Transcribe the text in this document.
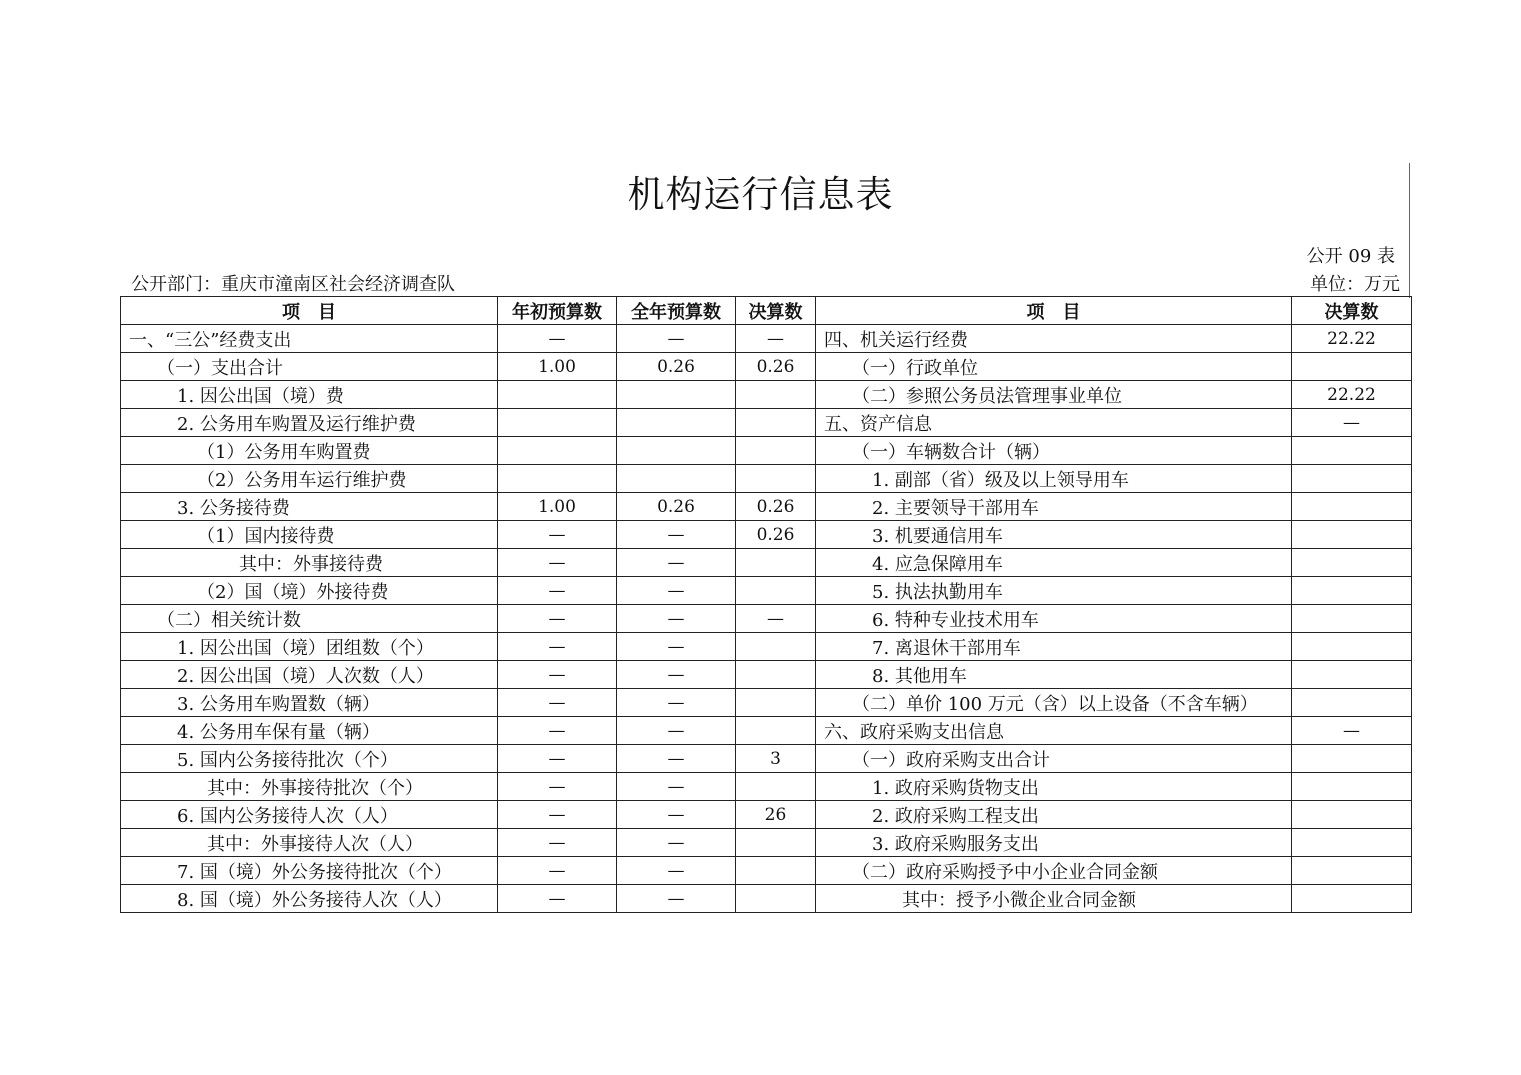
机构运行信息表
公开 09 表
公开部门：重庆市潼南区社会经济调查队	单位：万元
项　目	年初预算数	全年预算数	决算数	项　目	决算数
一、“三公”经费支出	—	—	—	四、机关运行经费	22.22
（一）支出合计	1.00	0.26	0.26	（一）行政单位	
1. 因公出国（境）费				（二）参照公务员法管理事业单位	22.22
2. 公务用车购置及运行维护费				五、资产信息	—
（1）公务用车购置费				（一）车辆数合计（辆）	
（2）公务用车运行维护费				1. 副部（省）级及以上领导用车	
3. 公务接待费	1.00	0.26	0.26	2. 主要领导干部用车	
（1）国内接待费	—	—	0.26	3. 机要通信用车	
其中：外事接待费	—	—		4. 应急保障用车	
（2）国（境）外接待费	—	—		5. 执法执勤用车	
（二）相关统计数	—	—	—	6. 特种专业技术用车	
1. 因公出国（境）团组数（个）	—	—		7. 离退休干部用车	
2. 因公出国（境）人次数（人）	—	—		8. 其他用车	
3. 公务用车购置数（辆）	—	—		（二）单价 100 万元（含）以上设备（不含车辆）	
4. 公务用车保有量（辆）	—	—		六、政府采购支出信息	—
5. 国内公务接待批次（个）	—	—	3	（一）政府采购支出合计	
其中：外事接待批次（个）	—	—		1. 政府采购货物支出	
6. 国内公务接待人次（人）	—	—	26	2. 政府采购工程支出	
其中：外事接待人次（人）	—	—		3. 政府采购服务支出	
7. 国（境）外公务接待批次（个）	—	—		（二）政府采购授予中小企业合同金额	
8. 国（境）外公务接待人次（人）	—	—		其中：授予小微企业合同金额	
